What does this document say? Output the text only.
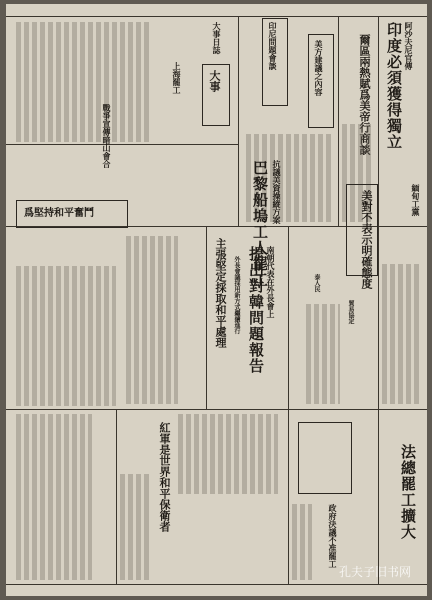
阿沙夫尼官傳
印度必須獲得獨立
爾區兩熱賦爲美帝行商談
美方建議之內容
印尼問題會談
大事日誌
大事
上海罷工
戰爭宣傳暗山會合
爲堅持和平奮鬥	抗議美資操縱方案
巴黎船塢工人罷工
主張堅定採取和平處理
緬甸工黨
美對不表示明確態度
泰人民
南朝代表在外長會上
提出對韓問題報告
外長會議採用新方式繼續進行	貿易協定
紅軍是世界和平保衛者	法總罷工擴大
政府決議不准罷工
孔夫子旧书网
